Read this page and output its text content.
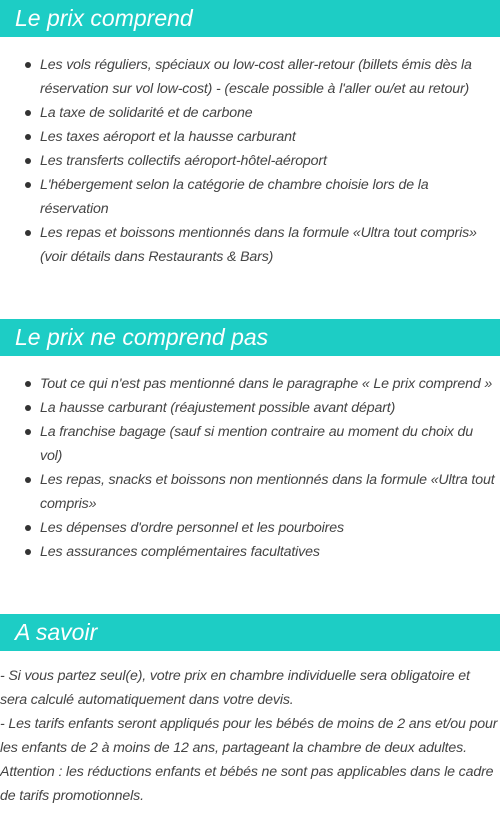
Le prix comprend
Les vols réguliers, spéciaux ou low-cost aller-retour (billets émis dès la réservation sur vol low-cost) - (escale possible à l'aller ou/et au retour)
La taxe de solidarité et de carbone
Les taxes aéroport et la hausse carburant
Les transferts collectifs aéroport-hôtel-aéroport
L'hébergement selon la catégorie de chambre choisie lors de la réservation
Les repas et boissons mentionnés dans la formule «Ultra tout compris» (voir détails dans Restaurants & Bars)
Le prix ne comprend pas
Tout ce qui n'est pas mentionné dans le paragraphe « Le prix comprend »
La hausse carburant (réajustement possible avant départ)
La franchise bagage (sauf si mention contraire au moment du choix du vol)
Les repas, snacks et boissons non mentionnés dans la formule «Ultra tout compris»
Les dépenses d'ordre personnel et les pourboires
Les assurances complémentaires facultatives
A savoir

- Si vous partez seul(e), votre prix en chambre individuelle sera obligatoire et sera calculé automatiquement dans votre devis.

- Les tarifs enfants seront appliqués pour les bébés de moins de 2 ans et/ou pour les enfants de 2 à moins de 12 ans, partageant la chambre de deux adultes.

Attention : les réductions enfants et bébés ne sont pas applicables dans le cadre de tarifs promotionnels.
